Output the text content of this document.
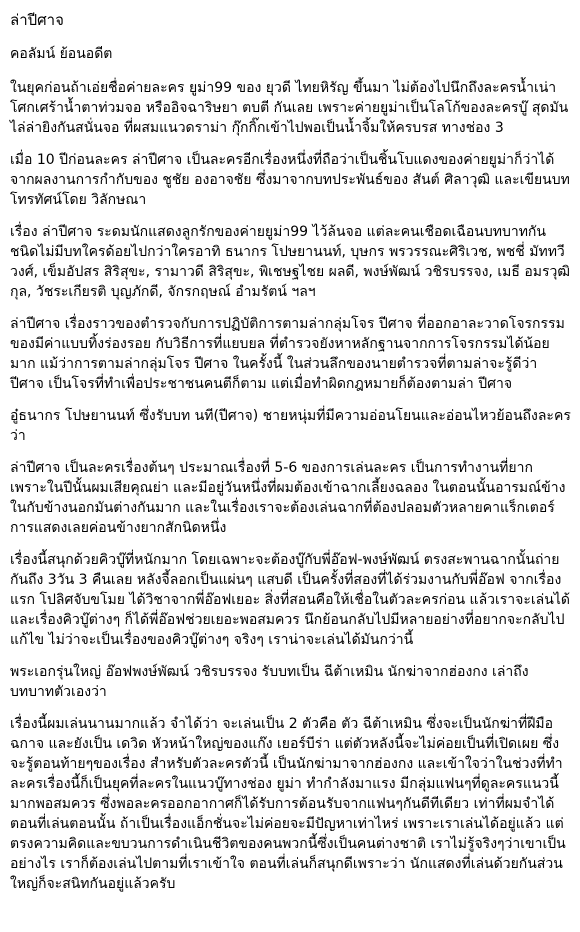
ล่าปีศาจ
คอลัมน์ ย้อนอดีต

ในยุคก่อนถ้าเอ่ยชื่อค่ายละคร ยูม่า99 ของ ยุวดี ไทยหิรัญ ขึ้นมา ไม่ต้องไปนึกถึงละครน้ำเน่า โศกเศร้าน้ำตาท่วมจอ หรืออิจฉาริษยา ตบตี กันเลย เพราะค่ายยูม่าเป็นโลโก้ของละครบู๊ สุดมัน ไล่ล่ายิงกันสนั่นจอ ที่ผสมแนวดราม่า กุ๊กกิ๊กเข้าไปพอเป็นน้ำจิ้มให้ครบรส ทางช่อง 3

เมื่อ 10 ปีก่อนละคร ล่าปีศาจ เป็นละครอีกเรื่องหนึ่งที่ถือว่าเป็นชิ้นโบแดงของค่ายยูม่าก็ว่าได้ จากผลงานการกำกับของ ชูชัย องอาจชัย ซึ่งมาจากบทประพันธ์ของ สันต์ ศิลาวุฒิ และเขียนบทโทรทัศน์โดย วิลักษณา

เรื่อง ล่าปีศาจ ระดมนักแสดงลูกรักของค่ายยูม่า99 ไว้ล้นจอ แต่ละคนเชือดเฉือนบทบาทกันชนิดไม่มีบทใครด้อยไปกว่าใครอาทิ ธนากร โปษยานนท์, บุษกร พรวรรณะศิริเวช, พชชี่ มัททวีวงศ์, เข็มอัปสร สิริสุขะ, รามาวดี สิริสุขะ, พิเชษฐไชย ผลดี, พงษ์พัฒน์ วชิรบรรจง, เมธี อมรวุฒิกุล, วัชระเกียรติ บุญภักดี, จักรกฤษณ์ อำมรัตน์ ฯลฯ

ล่าปีศาจ เรื่องราวของตำรวจกับการปฏิบัติการตามล่ากลุ่มโจร ปีศาจ ที่ออกอาละวาดโจรกรรมของมีค่าแบบทิ้งร่องรอย กับวิธีการที่แยบยล ที่ตำรวจยังหาหลักฐานจากการโจรกรรมได้น้อยมาก แม้ว่าการตามล่ากลุ่มโจร ปีศาจ ในครั้งนี้ ในส่วนลึกของนายตำรวจที่ตามล่าจะรู้ดีว่า ปีศาจ เป็นโจรที่ทำเพื่อประชาชนคนตีก็ตาม แต่เมื่อทำผิดกฎหมายก็ต้องตามล่า ปีศาจ

อู๋ธนากร โปษยานนท์ ซึ่งรับบท นที(ปีศาจ) ชายหนุ่มที่มีความอ่อนโยนและอ่อนไหวย้อนถึงละครว่า

ล่าปีศาจ เป็นละครเรื่องต้นๆ ประมาณเรื่องที่ 5-6 ของการเล่นละคร เป็นการทำงานที่ยาก เพราะในปีนั้นผมเสียคุณย่า และมีอยู่วันหนึ่งที่ผมต้องเข้าฉากเลี้ยงฉลอง ในตอนนั้นอารมณ์ข้างในกับข้างนอกมันต่างกันมาก และในเรื่องเราจะต้องเล่นฉากที่ต้องปลอมตัวหลายคาแร็กเตอร์ การแสดงเลยค่อนข้างยากสักนิดหนึ่ง

เรื่องนี้สนุกด้วยคิวบู๊ที่หนักมาก โดยเฉพาะจะต้องบู๊กับพี่อ๊อฟ-พงษ์พัฒน์ ตรงสะพานฉากนั้นถ่ายกันถึง 3วัน 3 คืนเลย หลังจี้ลอกเป็นแผ่นๆ แสบดี เป็นครั้งที่สองที่ได้ร่วมงานกับพี่อ๊อฟ จากเรื่องแรก โปลิศจับขโมย ได้วิชาจากพี่อ๊อฟเยอะ สิ่งที่สอนคือให้เชื่อในตัวละครก่อน แล้วเราจะเล่นได้ และเรื่องคิวบู๊ต่างๆ ก็ได้พี่อ๊อฟช่วยเยอะพอสมควร นึกย้อนกลับไปมีหลายอย่างที่อยากจะกลับไปแก้ไข ไม่ว่าจะเป็นเรื่องของคิวบู๊ต่างๆ จริงๆ เราน่าจะเล่นได้มันกว่านี้

พระเอกรุ่นใหญ่ อ๊อฟพงษ์พัฒน์ วชิรบรรจง รับบทเป็น ฉีต้าเหมิน นักฆ่าจากฮ่องกง เล่าถึงบทบาทตัวเองว่า

เรื่องนี้ผมเล่นนานมากแล้ว จำได้ว่า จะเล่นเป็น 2 ตัวคือ ตัว ฉีต้าเหมิน ซึ่งจะเป็นนักฆ่าที่ฝีมือฉกาจ และยังเป็น เดวิด หัวหน้าใหญ่ของแก๊ง เยอร์บีร่า แต่ตัวหลังนี้จะไม่ค่อยเป็นที่เปิดเผย ซึ่งจะรู้ตอนท้ายๆของเรื่อง สำหรับตัวละครตัวนี้ เป็นนักฆ่ามาจากฮ่องกง และเข้าใจว่าในช่วงที่ทำละครเรื่องนี้ก็เป็นยุคที่ละครในแนวบู๊ทางช่อง ยูม่า ทำกำลังมาแรง มีกลุ่มแฟนๆที่ดูละครแนวนี้มากพอสมควร ซึ่งพอละครออกอากาศก็ได้รับการต้อนรับจากแฟนๆกันดีทีเดียว เท่าที่ผมจำได้ตอนที่เล่นตอนนั้น ถ้าเป็นเรื่องแอ็กชั่นจะไม่ค่อยจะมีปัญหาเท่าไหร่ เพราะเราเล่นได้อยู่แล้ว แต่ตรงความคิดและขบวนการดำเนินชีวิตของคนพวกนี้ซึ่งเป็นคนต่างชาติ เราไม่รู้จริงๆว่าเขาเป็นอย่างไร เราก็ต้องเล่นไปตามที่เราเข้าใจ ตอนที่เล่นก็สนุกดีเพราะว่า นักแสดงที่เล่นด้วยกันส่วนใหญ่ก็จะสนิทกันอยู่แล้วครับ
